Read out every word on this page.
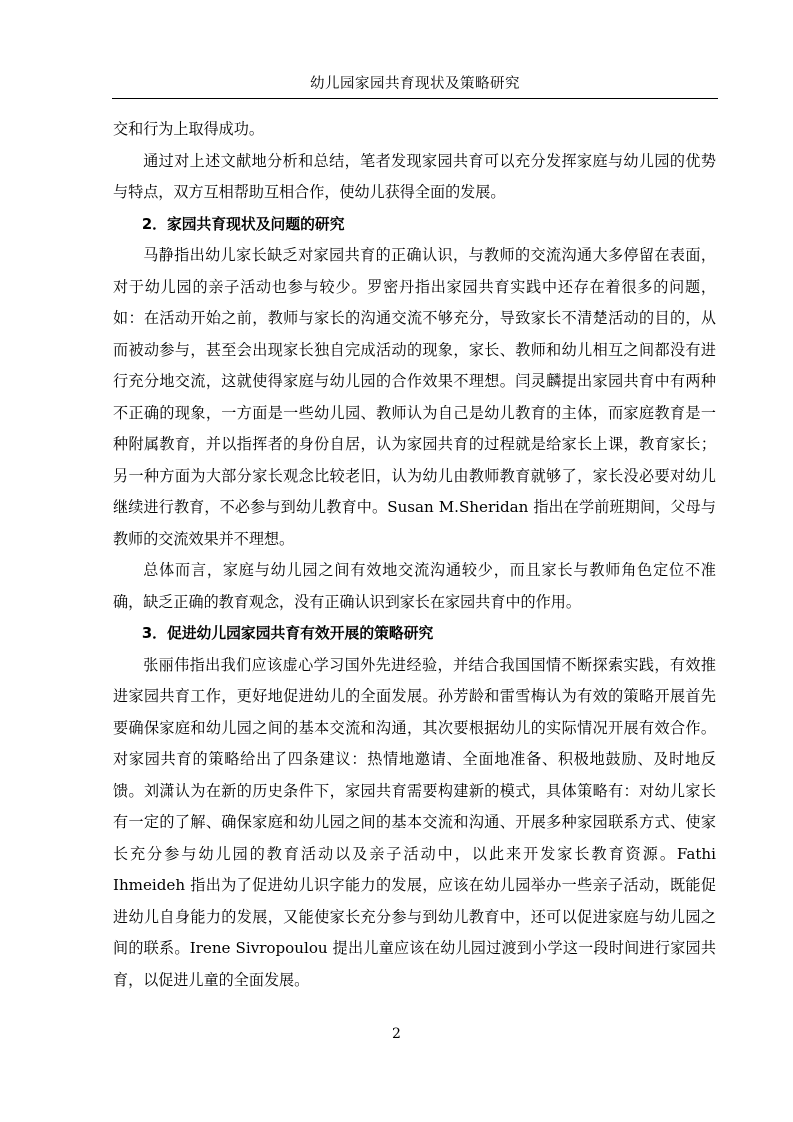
幼儿园家园共育现状及策略研究

交和行为上取得成功。

通过对上述文献地分析和总结，笔者发现家园共育可以充分发挥家庭与幼儿园的优势与特点，双方互相帮助互相合作，使幼儿获得全面的发展。

2．家园共育现状及问题的研究

马静指出幼儿家长缺乏对家园共育的正确认识，与教师的交流沟通大多停留在表面，对于幼儿园的亲子活动也参与较少。罗密丹指出家园共育实践中还存在着很多的问题，如：在活动开始之前，教师与家长的沟通交流不够充分，导致家长不清楚活动的目的，从而被动参与，甚至会出现家长独自完成活动的现象，家长、教师和幼儿相互之间都没有进行充分地交流，这就使得家庭与幼儿园的合作效果不理想。闫灵麟提出家园共育中有两种不正确的现象，一方面是一些幼儿园、教师认为自己是幼儿教育的主体，而家庭教育是一种附属教育，并以指挥者的身份自居，认为家园共育的过程就是给家长上课，教育家长；另一种方面为大部分家长观念比较老旧，认为幼儿由教师教育就够了，家长没必要对幼儿继续进行教育，不必参与到幼儿教育中。Susan M.Sheridan 指出在学前班期间，父母与教师的交流效果并不理想。

总体而言，家庭与幼儿园之间有效地交流沟通较少，而且家长与教师角色定位不准确，缺乏正确的教育观念，没有正确认识到家长在家园共育中的作用。

3．促进幼儿园家园共育有效开展的策略研究

张丽伟指出我们应该虚心学习国外先进经验，并结合我国国情不断探索实践，有效推进家园共育工作，更好地促进幼儿的全面发展。孙芳龄和雷雪梅认为有效的策略开展首先要确保家庭和幼儿园之间的基本交流和沟通，其次要根据幼儿的实际情况开展有效合作。对家园共育的策略给出了四条建议：热情地邀请、全面地准备、积极地鼓励、及时地反馈。刘潇认为在新的历史条件下，家园共育需要构建新的模式，具体策略有：对幼儿家长有一定的了解、确保家庭和幼儿园之间的基本交流和沟通、开展多种家园联系方式、使家长充分参与幼儿园的教育活动以及亲子活动中，以此来开发家长教育资源。Fathi Ihmeideh 指出为了促进幼儿识字能力的发展，应该在幼儿园举办一些亲子活动，既能促进幼儿自身能力的发展，又能使家长充分参与到幼儿教育中，还可以促进家庭与幼儿园之间的联系。Irene Sivropoulou 提出儿童应该在幼儿园过渡到小学这一段时间进行家园共育，以促进儿童的全面发展。

2
